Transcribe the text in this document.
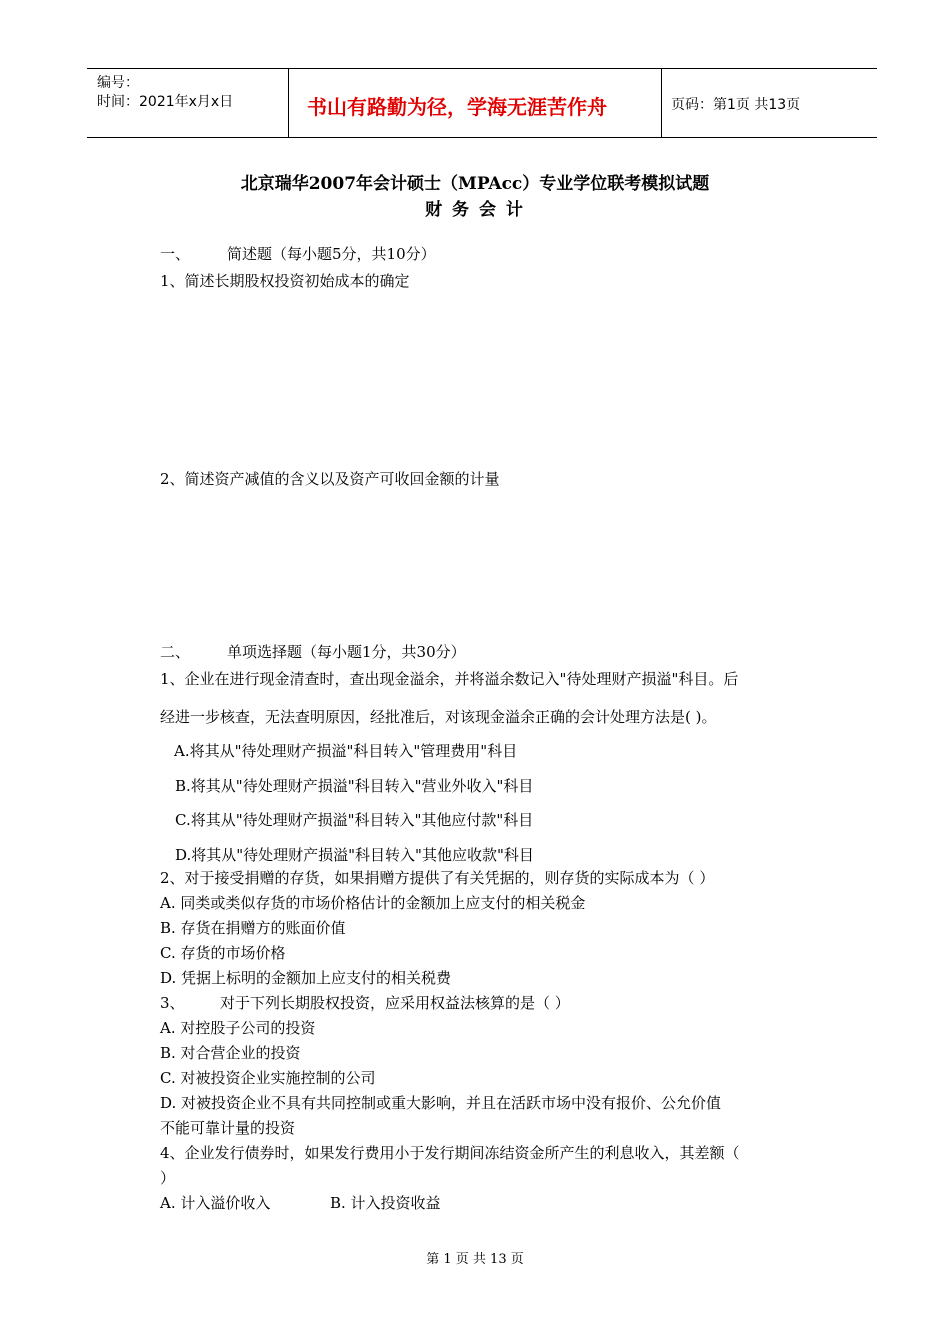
编号：
时间：2021年x月x日	书山有路勤为径，学海无涯苦作舟	页码：第1页 共13页
北京瑞华2007年会计硕士（MPAcc）专业学位联考模拟试题
财 务 会 计
一、 简述题（每小题5分，共10分）
1、简述长期股权投资初始成本的确定
2、简述资产减值的含义以及资产可收回金额的计量
二、 单项选择题（每小题1分，共30分）
1、企业在进行现金清查时，查出现金溢余，并将溢余数记入"待处理财产损溢"科目。后
经进一步核查，无法查明原因，经批准后，对该现金溢余正确的会计处理方法是( )。
A.将其从"待处理财产损溢"科目转入"管理费用"科目
B.将其从"待处理财产损溢"科目转入"营业外收入"科目
C.将其从"待处理财产损溢"科目转入"其他应付款"科目
D.将其从"待处理财产损溢"科目转入"其他应收款"科目
2、对于接受捐赠的存货，如果捐赠方提供了有关凭据的，则存货的实际成本为（ ）
A. 同类或类似存货的市场价格估计的金额加上应支付的相关税金
B. 存货在捐赠方的账面价值
C. 存货的市场价格
D. 凭据上标明的金额加上应支付的相关税费
3、 对于下列长期股权投资，应采用权益法核算的是（ ）
A. 对控股子公司的投资
B. 对合营企业的投资
C. 对被投资企业实施控制的公司
D. 对被投资企业不具有共同控制或重大影响，并且在活跃市场中没有报价、公允价值
不能可靠计量的投资
4、企业发行债券时，如果发行费用小于发行期间冻结资金所产生的利息收入，其差额（
）
A. 计入溢价收入	B. 计入投资收益
第 1 页 共 13 页
